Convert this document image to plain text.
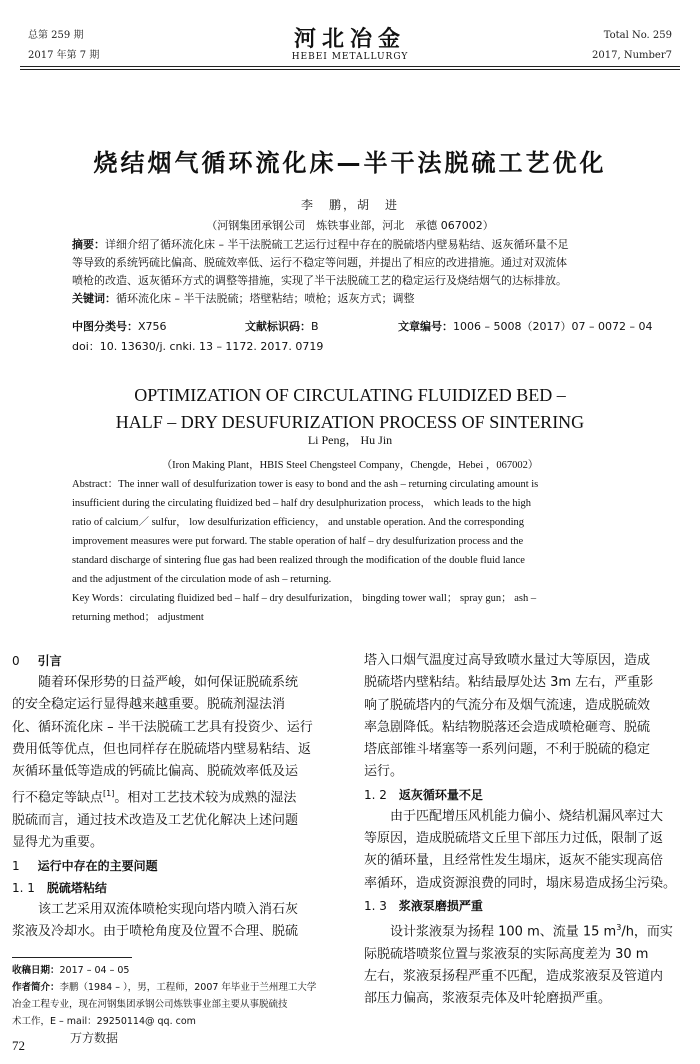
总第 259 期
2017 年第 7 期
河北冶金
HEBEI METALLURGY
Total No. 259
2017, Number7
烧结烟气循环流化床—半干法脱硫工艺优化
李　鹏，胡　进
（河钢集团承钢公司　炼铁事业部，河北　承德 067002）
摘要：详细介绍了循环流化床 – 半干法脱硫工艺运行过程中存在的脱硫塔内壁易粘结、返灰循环量不足
等导致的系统钙硫比偏高、脱硫效率低、运行不稳定等问题，并提出了相应的改进措施。通过对双流体
喷枪的改造、返灰循环方式的调整等措施，实现了半干法脱硫工艺的稳定运行及烧结烟气的达标排放。
关键词：循环流化床 – 半干法脱硫；塔壁粘结；喷枪；返灰方式；调整
中图分类号：X756	文献标识码：B	文章编号：1006 – 5008（2017）07 – 0072 – 04
doi：10. 13630/j. cnki. 13 – 1172. 2017. 0719
OPTIMIZATION OF CIRCULATING FLUIDIZED BED –
HALF – DRY DESUFURIZATION PROCESS OF SINTERING
Li Peng， Hu Jin
（Iron Making Plant，HBIS Steel Chengsteel Company，Chengde，Hebei ，067002）
Abstract：The inner wall of desulfurization tower is easy to bond and the ash – returning circulating amount is
insufficient during the circulating fluidized bed – half dry desulphurization process， which leads to the high
ratio of calcium／ sulfur， low desulfurization efficiency， and unstable operation. And the corresponding
improvement measures were put forward. The stable operation of half – dry desulfurization process and the
standard discharge of sintering flue gas had been realized through the modification of the double fluid lance
and the adjustment of the circulation mode of ash – returning.
Key Words：circulating fluidized bed – half – dry desulfurization， bingding tower wall； spray gun； ash –
returning method； adjustment
0 引言
随着环保形势的日益严峻，如何保证脱硫系统
的安全稳定运行显得越来越重要。脱硫剂湿法消
化、循环流化床 – 半干法脱硫工艺具有投资少、运行
费用低等优点，但也同样存在脱硫塔内壁易粘结、返
灰循环量低等造成的钙硫比偏高、脱硫效率低及运
行不稳定等缺点[1]。相对工艺技术较为成熟的湿法
脱硫而言，通过技术改造及工艺优化解决上述问题
显得尤为重要。
1 运行中存在的主要问题
1. 1 脱硫塔粘结
该工艺采用双流体喷枪实现向塔内喷入消石灰
浆液及冷却水。由于喷枪角度及位置不合理、脱硫
收稿日期：2017 – 04 – 05
作者简介：李鹏（1984 – ），男，工程师，2007 年毕业于兰州理工大学
冶金工程专业，现在河钢集团承钢公司炼铁事业部主要从事脱硫技
术工作，E – mail：29250114@ qq. com
72	万方数据
塔入口烟气温度过高导致喷水量过大等原因，造成
脱硫塔内壁粘结。粘结最厚处达 3m 左右，严重影
响了脱硫塔内的气流分布及烟气流速，造成脱硫效
率急剧降低。粘结物脱落还会造成喷枪砸弯、脱硫
塔底部锥斗堵塞等一系列问题，不利于脱硫的稳定
运行。
1. 2 返灰循环量不足
由于匹配增压风机能力偏小、烧结机漏风率过大
等原因，造成脱硫塔文丘里下部压力过低，限制了返
灰的循环量，且经常性发生塌床，返灰不能实现高倍
率循环，造成资源浪费的同时，塌床易造成扬尘污染。
1. 3 浆液泵磨损严重
设计浆液泵为扬程 100 m、流量 15 $m^3/h$，而实
际脱硫塔喷浆位置与浆液泵的实际高度差为 30 m
左右，浆液泵扬程严重不匹配，造成浆液泵及管道内
部压力偏高，浆液泵壳体及叶轮磨损严重。
